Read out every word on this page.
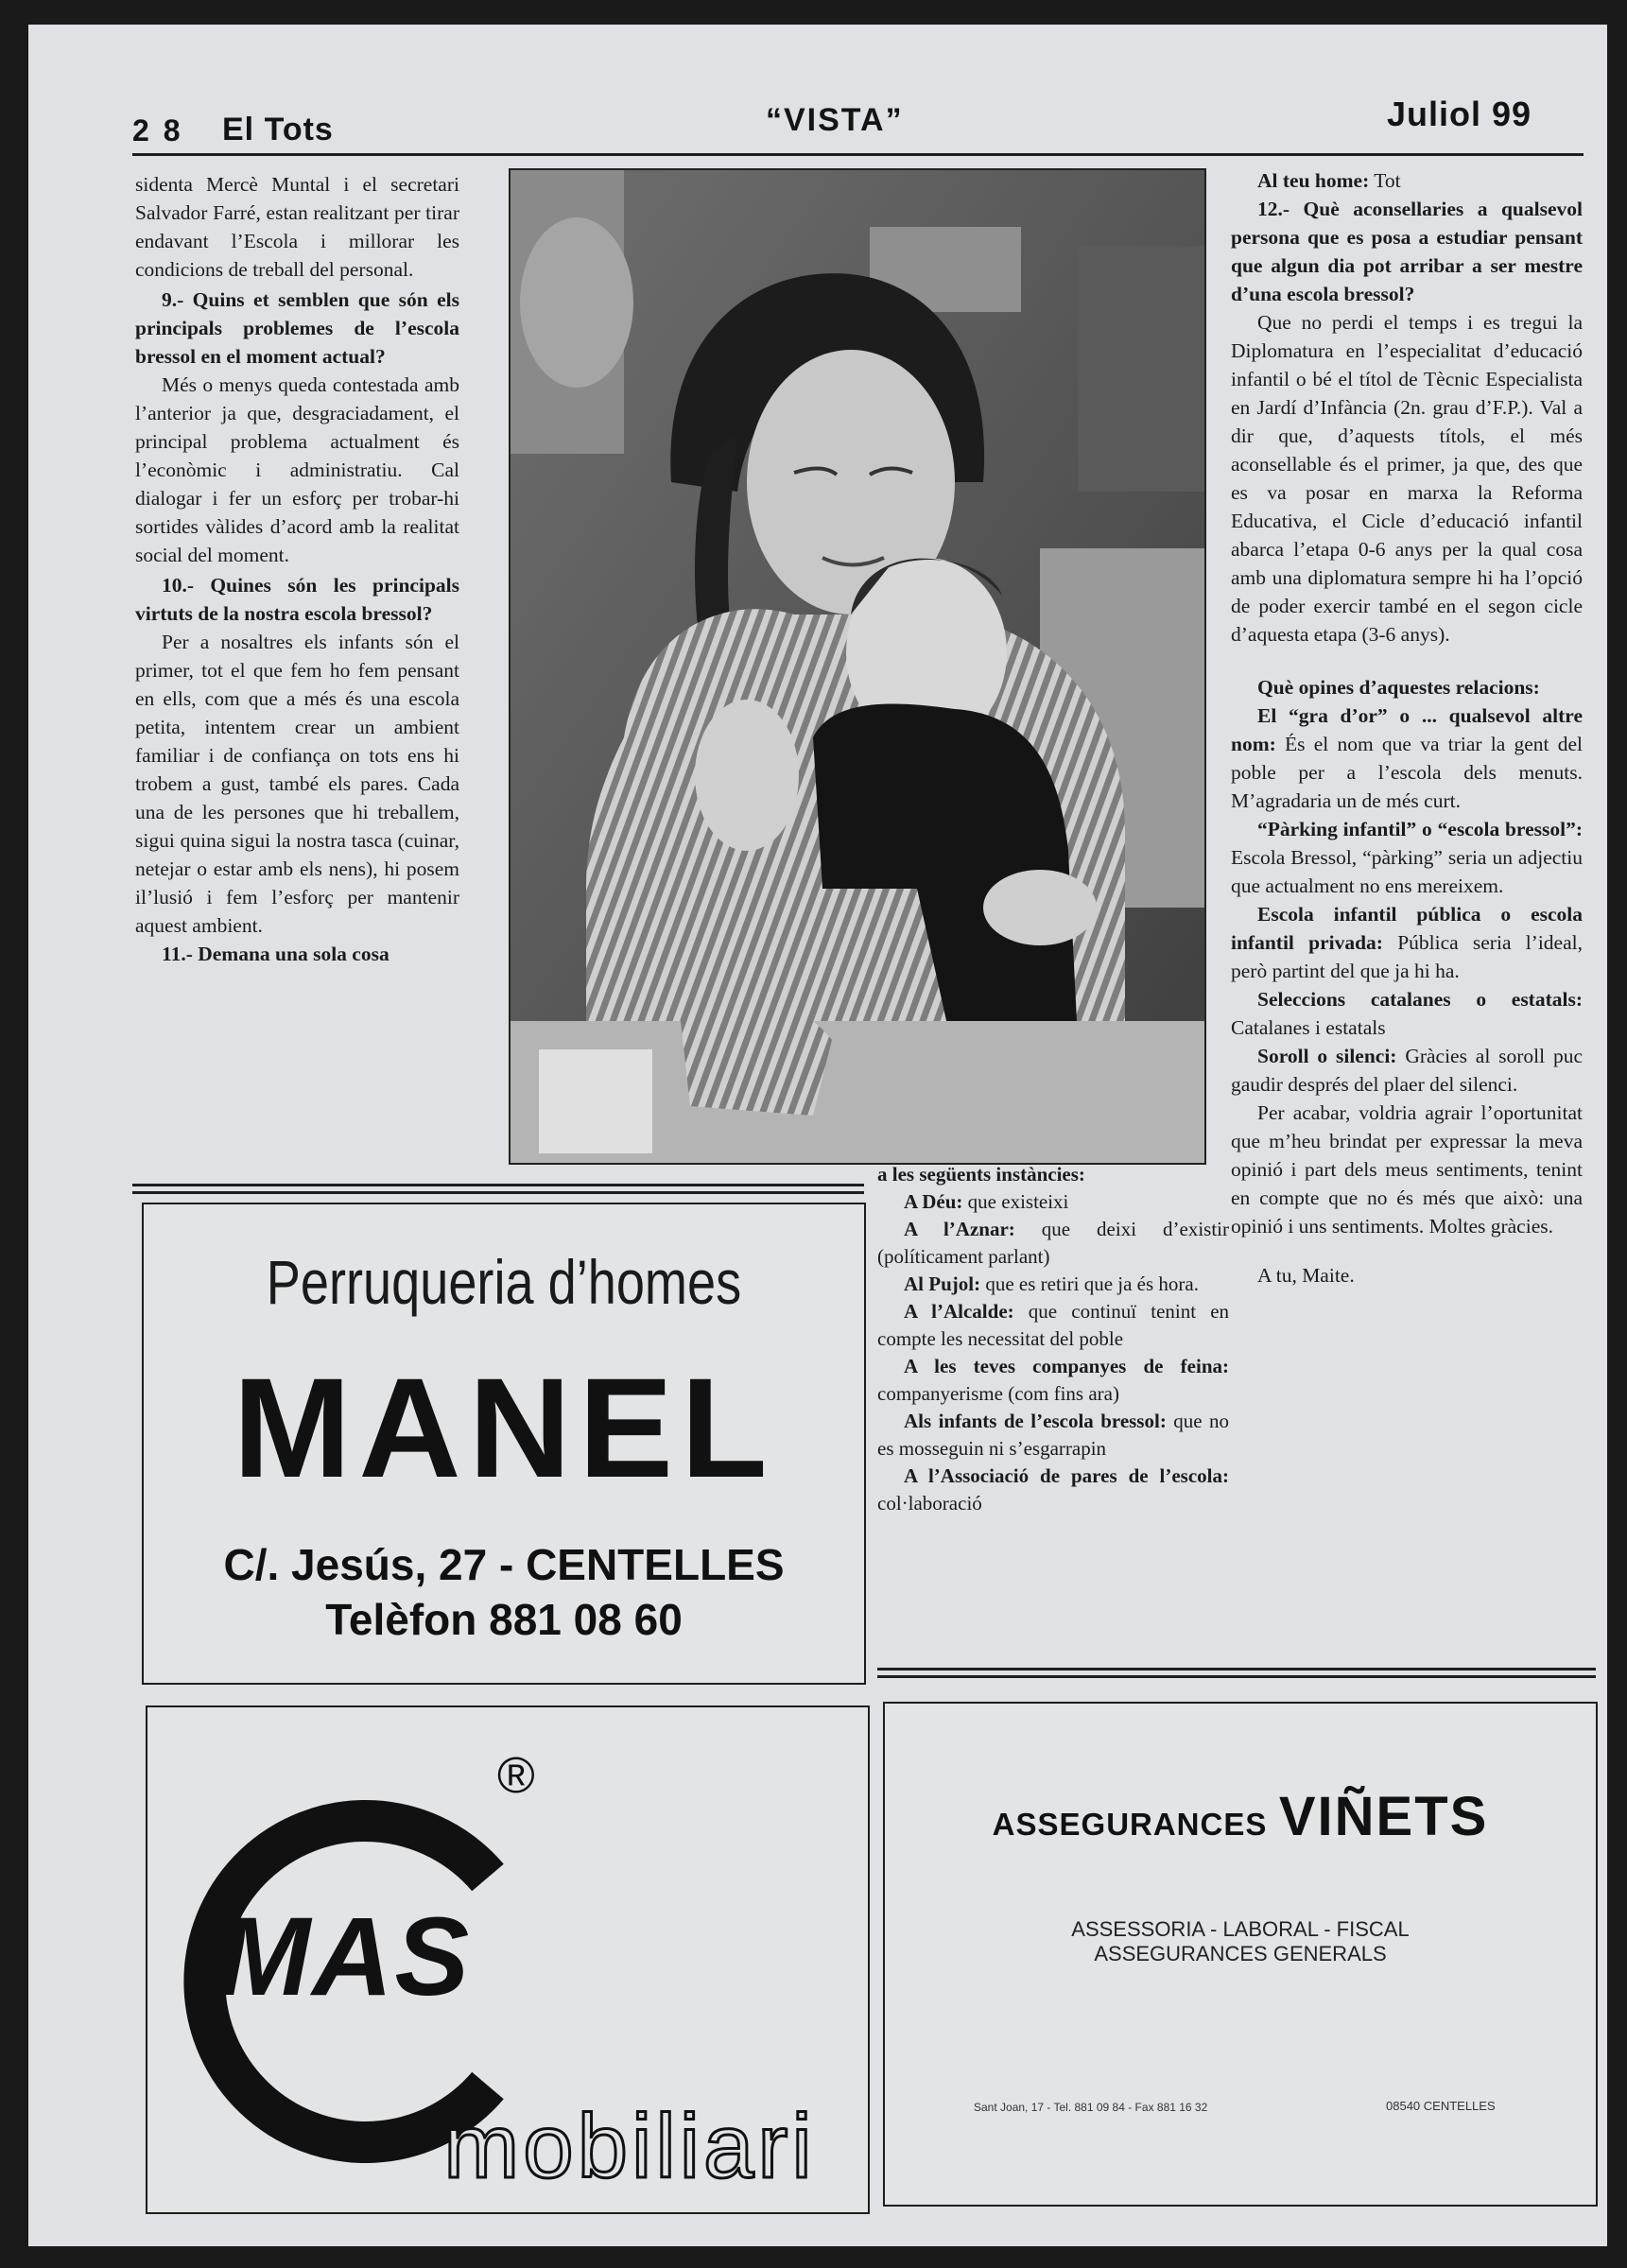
2 8 El Tots	“VISTA”	Juliol 99

sidenta Mercè Muntal i el secretari Salvador Farré, estan realitzant per tirar endavant l’Escola i millorar les condicions de treball del personal.

9.- Quins et semblen que són els principals problemes de l’escola bressol en el moment actual?

Més o menys queda contestada amb l’anterior ja que, desgraciadament, el principal problema actualment és l’econòmic i administratiu. Cal dialogar i fer un esforç per trobar-hi sortides vàlides d’acord amb la realitat social del moment.

10.- Quines són les principals virtuts de la nostra escola bressol?

Per a nosaltres els infants són el primer, tot el que fem ho fem pensant en ells, com que a més és una escola petita, intentem crear un ambient familiar i de confiança on tots ens hi trobem a gust, també els pares. Cada una de les persones que hi treballem, sigui quina sigui la nostra tasca (cuinar, netejar o estar amb els nens), hi posem il’lusió i fem l’esforç per mantenir aquest ambient.

11.- Demana una sola cosa

a les següents instàncies:

A Déu: que existeixi

A l’Aznar: que deixi d’existir (políticament parlant)

Al Pujol: que es retiri que ja és hora.

A l’Alcalde: que continuï tenint en compte les necessitat del poble

A les teves companyes de feina: companyerisme (com fins ara)

Als infants de l’escola bressol: que no es mosseguin ni s’esgarrapin

A l’Associació de pares de l’escola: col·laboració

Al teu home: Tot

12.- Què aconsellaries a qualsevol persona que es posa a estudiar pensant que algun dia pot arribar a ser mestre d’una escola bressol?

Que no perdi el temps i es tregui la Diplomatura en l’especialitat d’educació infantil o bé el títol de Tècnic Especialista en Jardí d’Infància (2n. grau d’F.P.). Val a dir que, d’aquests títols, el més aconsellable és el primer, ja que, des que es va posar en marxa la Reforma Educativa, el Cicle d’educació infantil abarca l’etapa 0-6 anys per la qual cosa amb una diplomatura sempre hi ha l’opció de poder exercir també en el segon cicle d’aquesta etapa (3-6 anys).

Què opines d’aquestes relacions:

El “gra d’or” o ... qualsevol altre nom: És el nom que va triar la gent del poble per a l’escola dels menuts. M’agradaria un de més curt.

“Pàrking infantil” o “escola bressol”: Escola Bressol, “pàrking” seria un adjectiu que actualment no ens mereixem.

Escola infantil pública o escola infantil privada: Pública seria l’ideal, però partint del que ja hi ha.

Seleccions catalanes o estatals: Catalanes i estatals

Soroll o silenci: Gràcies al soroll puc gaudir després del plaer del silenci.

Per acabar, voldria agrair l’oportunitat que m’heu brindat per expressar la meva opinió i part dels meus sentiments, tenint en compte que no és més que això: una opinió i uns sentiments. Moltes gràcies.

A tu, Maite.

Perruqueria d’homes
MANEL
C/. Jesús, 27 - CENTELLES
Telèfon 881 08 60
®
MAS
mobiliari
ASSEGURANCES VIÑETS
ASSESSORIA - LABORAL - FISCAL
ASSEGURANCES GENERALS
Sant Joan, 17 - Tel. 881 09 84 - Fax 881 16 32	08540 CENTELLES
